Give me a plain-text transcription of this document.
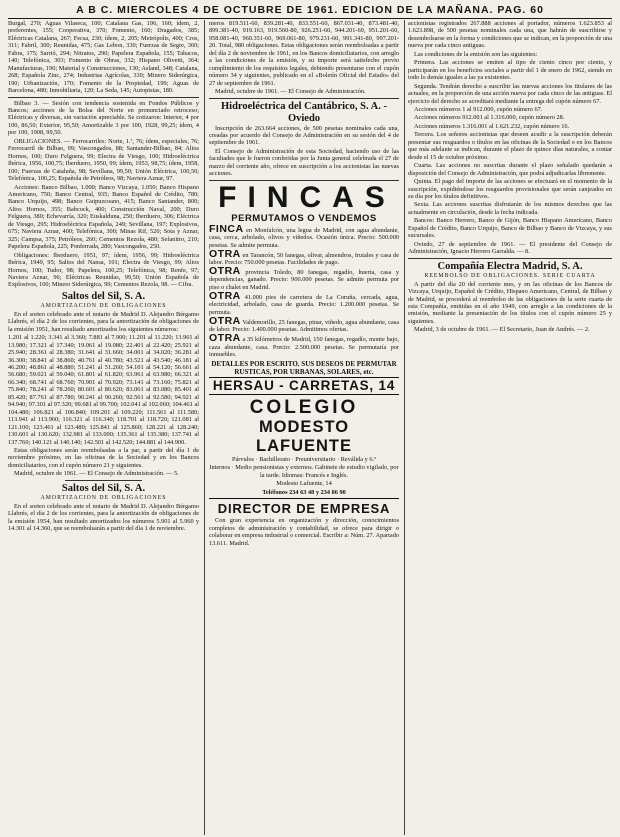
A B C. MIERCOLES 4 DE OCTUBRE DE 1961. EDICION DE LA MAÑANA. PAG. 60

Burgal, 270; Aguas Vilaseca, 100; Catalana Gas, 196, 160; ídem, 2, preferentes, 155; Cooperativa, 370; Fomento, 160; Dragados, 385; Eléctricas Catalana, 267; Fecsa, 230; ídem, 2, 205; Metrópolis, 400; Cros, 311; Fabril, 300; Reunidas, 475; Gas Lebon, 330; Fuerzas de Segre, 360; Fabra, 175; Sarrió, 294; Nitratos, 290; Papelera Española, 155; Tabacos, 140; Telefónica, 303; Fomento de Obras, 332; Hispano Olivetti, 364; Manufacturas, 190; Material y Construcciones, 130; Asland, 348; Catalana, 268; Española Zinc, 274; Industrias Agrícolas, 330; Minero Siderúrgica, 190; Urbanización, 170; Fomento de la Propiedad, 199; Aguas de Barcelona, 480; Inmobiliaria, 120; La Seda, 145; Autopistas, 180.

Bilbao 3. — Sesión con tendencia sostenida en Fondos Públicos y Bancos; acciones de la Bolsa del Norte en pronunciado retroceso; Eléctricas y diversas, sin variación apreciable. Se cotizaron: Interior, 4 por 100, 86,50; Exterior, 95,50; Amortizable 3 por 100, 1928, 99,25; ídem, 4 por 100, 1908, 99,50.

OBLIGACIONES. — Ferrocarriles: Norte, 1.ª, 76; ídem, especiales, 76; Ferrocarril de Bilbao, 99; Vascongados, 88; Santander-Bilbao, 84; Altos Hornos, 100; Duro Felguera, 99; Electra de Viesgo, 100; Hidroeléctrica Ibérica, 1956, 100,75; Iberduero, 1950, 99; ídem, 1953, 98,75; ídem, 1958, 100; Fuerzas de Cataluña, 98; Sevillana, 99,50; Unión Eléctrica, 100,50; Telefónica, 100,25; Española de Petróleos, 98; Naviera Aznar, 97.

Acciones: Banco Bilbao, 1.000; Banco Vizcaya, 1.050; Banco Hispano Americano, 750; Banco Central, 935; Banco Español de Crédito, 780; Banco Urquijo, 498; Banco Guipuzcoano, 415; Banco Santander, 800; Altos Hornos, 355; Babcock, 400; Construcción Naval, 200; Duro Felguera, 380; Echevarría, 320; Euskalduna, 250; Iberduero, 306; Eléctrica de Viesgo, 295; Hidroeléctrica Española, 249; Sevillana, 197; Explosivos, 675; Naviera Aznar, 400; Telefónica, 300; Minas Rif, 520; Sota y Aznar, 325; Campsa, 375; Petróleos, 260; Cementos Rezola, 480; Sefanitro, 210; Papelera Española, 225; Ponferrada, 280; Vascongados, 250.

Obligaciones: Iberduero, 1951, 97; ídem, 1956, 99; Hidroeléctrica Ibérica, 1949, 95; Saltos del Nansa, 101; Electra de Viesgo, 99; Altos Hornos, 100; Tudor, 98; Papelera, 100,25; Telefónica, 98; Renfe, 97; Naviera Aznar, 96; Eléctricas Reunidas, 99,50; Unión Española de Explosivos, 100; Minero Siderúrgica, 99; Cementos Rezola, 98. — Cifra.

Saltos del Sil, S. A.
AMORTIZACION DE OBLIGACIONES

En el sorteo celebrado ante el notario de Madrid D. Alejandro Bérgamo Llabrés, el día 2 de los corrientes, para la amortización de obligaciones de la emisión 1951, han resultado amortizados los siguientes números:

1.201 al 1.220; 3.341 al 3.360; 7.881 al 7.900; 11.201 al 11.220; 13.961 al 13.980; 17.321 al 17.340; 19.061 al 19.080; 22.401 al 22.420; 25.921 al 25.940; 28.361 al 28.380; 31.641 al 31.660; 34.001 al 34.020; 36.281 al 36.300; 38.841 al 38.860; 40.761 al 40.780; 43.521 al 43.540; 46.181 al 46.200; 48.861 al 48.880; 51.241 al 51.260; 54.101 al 54.120; 56.661 al 56.680; 59.021 al 59.040; 61.801 al 61.820; 63.961 al 63.980; 66.321 al 66.340; 68.741 al 68.760; 70.901 al 70.920; 73.141 al 73.160; 75.821 al 75.840; 78.241 al 78.260; 80.601 al 80.620; 83.061 al 83.080; 85.401 al 85.420; 87.761 al 87.780; 90.241 al 90.260; 92.561 al 92.580; 94.921 al 94.940; 97.301 al 97.320; 99.681 al 99.700; 102.041 al 102.060; 104.461 al 104.480; 106.821 al 106.840; 109.201 al 109.220; 111.561 al 111.580; 113.941 al 113.960; 116.321 al 116.340; 118.701 al 118.720; 121.081 al 121.100; 123.461 al 123.480; 125.841 al 125.860; 128.221 al 128.240; 130.601 al 130.620; 132.981 al 133.000; 135.361 al 135.380; 137.741 al 137.760; 140.121 al 140.140; 142.501 al 142.520; 144.881 al 144.900.

Estas obligaciones serán reembolsadas a la par, a partir del día 1 de noviembre próximo, en las oficinas de la Sociedad y en los Bancos domiciliatarios, con el cupón número 21 y siguientes.

Madrid, octubre de 1961. — El Consejo de Administración. — 5.

Saltos del Sil, S. A.
AMORTIZACION DE OBLIGACIONES

En el sorteo celebrado ante el notario de Madrid D. Alejandro Bérgamo Llabrés, el día 2 de los corrientes, para la amortización de obligaciones de la emisión 1954, han resultado amortizados los números 5.901 al 5.960 y 14.301 al 14.360, que se reembolsarán a partir del día 1 de noviembre.

meros 819.511-60, 839.281-40, 833.551-60, 867.031-40, 873.481-40, 899.381-40, 919.163, 919.560-80, 926.251-60, 944.201-60, 951.201-60, 958.081-40, 960.351-60, 969.061-80, 979.231-60, 991.341-80, 997.201-20. Total, 980 obligaciones. Estas obligaciones serán reembolsadas a partir del día 2 de noviembre de 1961, en los Bancos domiciliatarios, con arreglo a las condiciones de la emisión, y su importe será satisfecho previo cumplimiento de los requisitos legales, debiendo presentarse con el cupón número 34 y siguientes, publicado en el «Boletín Oficial del Estado» del 27 de septiembre de 1961.

Madrid, octubre de 1961. — El Consejo de Administración.

Hidroeléctrica del Cantábrico, S. A. - Oviedo

Inscripción de 263.664 acciones, de 500 pesetas nominales cada una, creadas por acuerdo del Consejo de Administración en su sesión del 4 de septiembre de 1961.

El Consejo de Administración de esta Sociedad, haciendo uso de las facultades que le fueron conferidas por la Junta general celebrada el 27 de marzo del corriente año, ofrece en suscripción a los accionistas las nuevas acciones.

FINCAS
PERMUTAMOS O VENDEMOS
FINCA en Monfalcón, una legua de Madrid, con agua abundante, casa, cerca, arbolado, olivos y viñedos. Ocasión única. Precio: 500.000 pesetas. Se admite permuta.
OTRA en Tarancón, 50 fanegas, olivar, almendros, frutales y casa de labor. Precio: 750.000 pesetas. Facilidades de pago.
OTRA provincia Toledo, 80 fanegas, regadío, huerta, casa y dependencias, ganado. Precio: 900.000 pesetas. Se admite permuta por piso o chalet en Madrid.
OTRA 41.000 pies de carretera de La Coruña, cercada, agua, electricidad, arbolado, casa de guarda. Precio: 1.200.000 pesetas. Se permuta.
OTRA Valdemorillo, 25 fanegas, pinar, viñedo, agua abundante, casa de labor. Precio: 1.400.000 pesetas. Admitimos ofertas.
OTRA a 35 kilómetros de Madrid, 150 fanegas, regadío, monte bajo, caza abundante, casa. Precio: 2.500.000 pesetas. Se permutaría por inmuebles.
DETALLES POR ESCRITO. SUS DESEOS DE PERMUTAR RUSTICAS, POR URBANAS, SOLARES, etc.
HERSAU - CARRETAS, 14
COLEGIO
MODESTO LAFUENTE

Párvulos · Bachillerato · Preuniversitario · Reválida y 6.º

Internos · Medio pensionistas y externos. Gabinete de estudio vigilado, por la tarde. Idiomas: Francés e Inglés.

Modesto Lafuente, 14

Teléfonos 234 63 48 y 234 86 90

DIRECTOR DE EMPRESA

Con gran experiencia en organización y dirección, conocimientos completos de administración y contabilidad, se ofrece para dirigir o colaborar en empresa industrial o comercial. Escribir a: Núm. 27. Apartado 13.611. Madrid.

accionistas registrados 267.888 acciones al portador, números 1.623.853 al 1.623.898, de 500 pesetas nominales cada una, que habrán de suscribirse y desembolsarse en la forma y condiciones que se indican, en la proporción de una nueva por cada cinco antiguas.

Las condiciones de la emisión son las siguientes:

Primera. Las acciones se emiten al tipo de ciento cinco por ciento, y participarán en los beneficios sociales a partir del 1 de enero de 1962, siendo en todo lo demás iguales a las ya existentes.

Segunda. Tendrán derecho a suscribir las nuevas acciones los titulares de las actuales, en la proporción de una acción nueva por cada cinco de las antiguas. El ejercicio del derecho se acreditará mediante la entrega del cupón número 67.

Acciones números 1 al 912.000, cupón número 67.

Acciones números 912.001 al 1.316.000, cupón número 28.

Acciones números 1.316.001 al 1.621.232, cupón número 16.

Tercera. Los señores accionistas que deseen acudir a la suscripción deberán presentar sus resguardos o títulos en las oficinas de la Sociedad o en los Bancos que más adelante se indican, durante el plazo de quince días naturales, a contar desde el 15 de octubre próximo.

Cuarta. Las acciones no suscritas durante el plazo señalado quedarán a disposición del Consejo de Administración, que podrá adjudicarlas libremente.

Quinta. El pago del importe de las acciones se efectuará en el momento de la suscripción, expidiéndose los resguardos provisionales que serán canjeados en su día por los títulos definitivos.

Sexta. Las acciones suscritas disfrutarán de los mismos derechos que las actualmente en circulación, desde la fecha indicada.

Bancos: Banco Herrero, Banco de Gijón, Banco Hispano Americano, Banco Español de Crédito, Banco Urquijo, Banco de Bilbao y Banco de Vizcaya, y sus sucursales.

Oviedo, 27 de septiembre de 1961. — El presidente del Consejo de Administración, Ignacio Herrero Garralda. — 8.

Compañía Electra Madrid, S. A.
REEMBOLSO DE OBLIGACIONES. SERIE CUARTA

A partir del día 20 del corriente mes, y en las oficinas de los Bancos de Vizcaya, Urquijo, Español de Crédito, Hispano Americano, Central, de Bilbao y de Madrid, se procederá al reembolso de las obligaciones de la serie cuarta de esta Compañía, emitidas en el año 1949, con arreglo a las condiciones de la emisión, mediante la presentación de los títulos con el cupón número 25 y siguientes.

Madrid, 3 de octubre de 1961. — El Secretario, Juan de Andrés. — 2.
